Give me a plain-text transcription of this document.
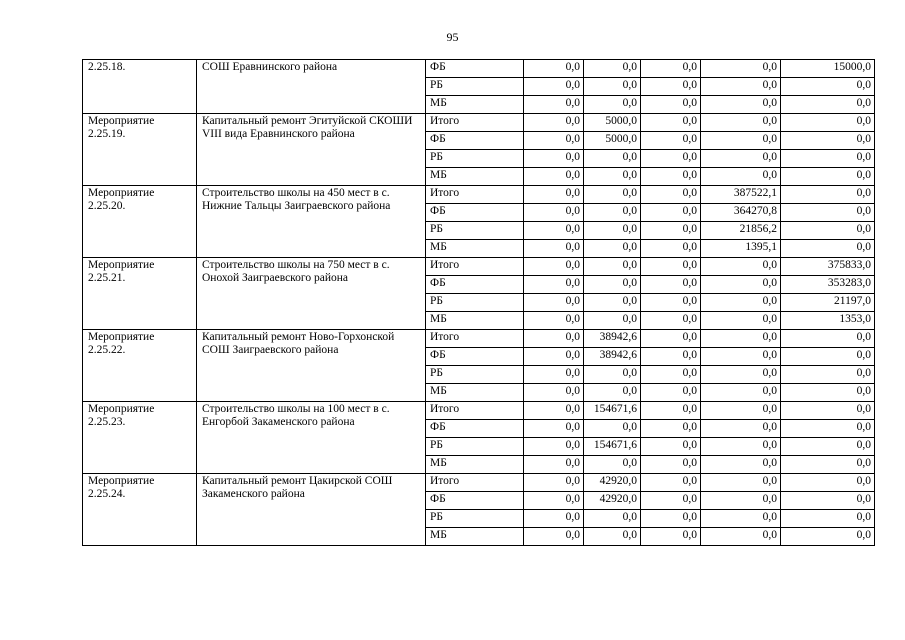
95
2.25.18.	СОШ Еравнинского района	ФБ	0,0	0,0	0,0	0,0	15000,0
		РБ	0,0	0,0	0,0	0,0	0,0
		МБ	0,0	0,0	0,0	0,0	0,0
Мероприятие 2.25.19.	Капитальный ремонт Эгитуйской СКОШИ VIII вида Еравнинского района	Итого	0,0	5000,0	0,0	0,0	0,0
		ФБ	0,0	5000,0	0,0	0,0	0,0
		РБ	0,0	0,0	0,0	0,0	0,0
		МБ	0,0	0,0	0,0	0,0	0,0
Мероприятие 2.25.20.	Строительство школы на 450 мест в с. Нижние Тальцы Заиграевского района	Итого	0,0	0,0	0,0	387522,1	0,0
		ФБ	0,0	0,0	0,0	364270,8	0,0
		РБ	0,0	0,0	0,0	21856,2	0,0
		МБ	0,0	0,0	0,0	1395,1	0,0
Мероприятие 2.25.21.	Строительство школы на 750 мест в с. Онохой Заиграевского района	Итого	0,0	0,0	0,0	0,0	375833,0
		ФБ	0,0	0,0	0,0	0,0	353283,0
		РБ	0,0	0,0	0,0	0,0	21197,0
		МБ	0,0	0,0	0,0	0,0	1353,0
Мероприятие 2.25.22.	Капитальный ремонт Ново-Горхонской СОШ Заиграевского района	Итого	0,0	38942,6	0,0	0,0	0,0
		ФБ	0,0	38942,6	0,0	0,0	0,0
		РБ	0,0	0,0	0,0	0,0	0,0
		МБ	0,0	0,0	0,0	0,0	0,0
Мероприятие 2.25.23.	Строительство школы на 100 мест в с. Енгорбой Закаменского района	Итого	0,0	154671,6	0,0	0,0	0,0
		ФБ	0,0	0,0	0,0	0,0	0,0
		РБ	0,0	154671,6	0,0	0,0	0,0
		МБ	0,0	0,0	0,0	0,0	0,0
Мероприятие 2.25.24.	Капитальный ремонт Цакирской СОШ Закаменского района	Итого	0,0	42920,0	0,0	0,0	0,0
		ФБ	0,0	42920,0	0,0	0,0	0,0
		РБ	0,0	0,0	0,0	0,0	0,0
		МБ	0,0	0,0	0,0	0,0	0,0
